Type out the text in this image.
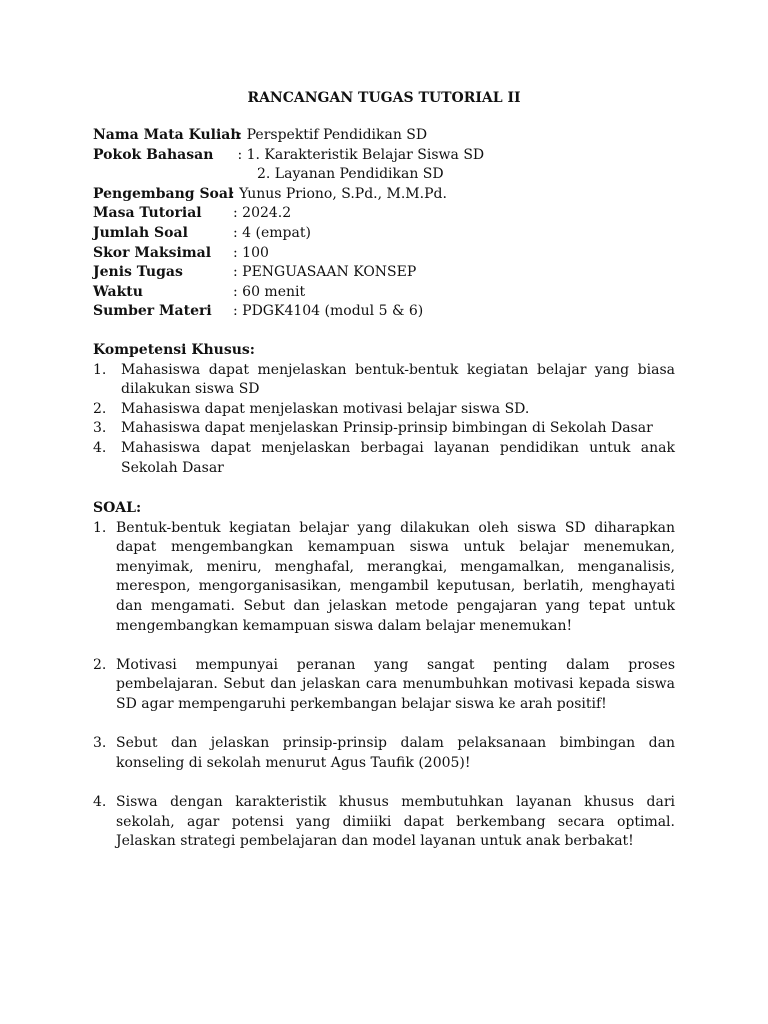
RANCANGAN TUGAS TUTORIAL II
Nama Mata Kuliah
: Perspektif Pendidikan SD
Pokok Bahasan	: 1. Karakteristik Belajar Siswa SD
2. Layanan Pendidikan SD
Pengembang Soal
: Yunus Priono, S.Pd., M.M.Pd.
Masa Tutorial	: 2024.2
Jumlah Soal	: 4 (empat)
Skor Maksimal	: 100
Jenis Tugas	: PENGUASAAN KONSEP
Waktu	: 60 menit
Sumber Materi	: PDGK4104 (modul 5 & 6)
Kompetensi Khusus:
1.	Mahasiswa dapat menjelaskan bentuk-bentuk kegiatan belajar yang biasa dilakukan siswa SD
2.	Mahasiswa dapat menjelaskan motivasi belajar siswa SD.
3.	Mahasiswa dapat menjelaskan Prinsip-prinsip bimbingan di Sekolah Dasar
4.	Mahasiswa dapat menjelaskan berbagai layanan pendidikan untuk anak Sekolah Dasar
SOAL:
1. Bentuk-bentuk kegiatan belajar yang dilakukan oleh siswa SD diharapkan dapat mengembangkan kemampuan siswa untuk belajar menemukan, menyimak, meniru, menghafal, merangkai, mengamalkan, menganalisis, merespon, mengorganisasikan, mengambil keputusan, berlatih, menghayati dan mengamati. Sebut dan jelaskan metode pengajaran yang tepat untuk mengembangkan kemampuan siswa dalam belajar menemukan!
2. Motivasi mempunyai peranan yang sangat penting dalam proses pembelajaran. Sebut dan jelaskan cara menumbuhkan motivasi kepada siswa SD agar mempengaruhi perkembangan belajar siswa ke arah positif!
3. Sebut dan jelaskan prinsip-prinsip dalam pelaksanaan bimbingan dan konseling di sekolah menurut Agus Taufik (2005)!
4. Siswa dengan karakteristik khusus membutuhkan layanan khusus dari sekolah, agar potensi yang dimiiki dapat berkembang secara optimal. Jelaskan strategi pembelajaran dan model layanan untuk anak berbakat!
